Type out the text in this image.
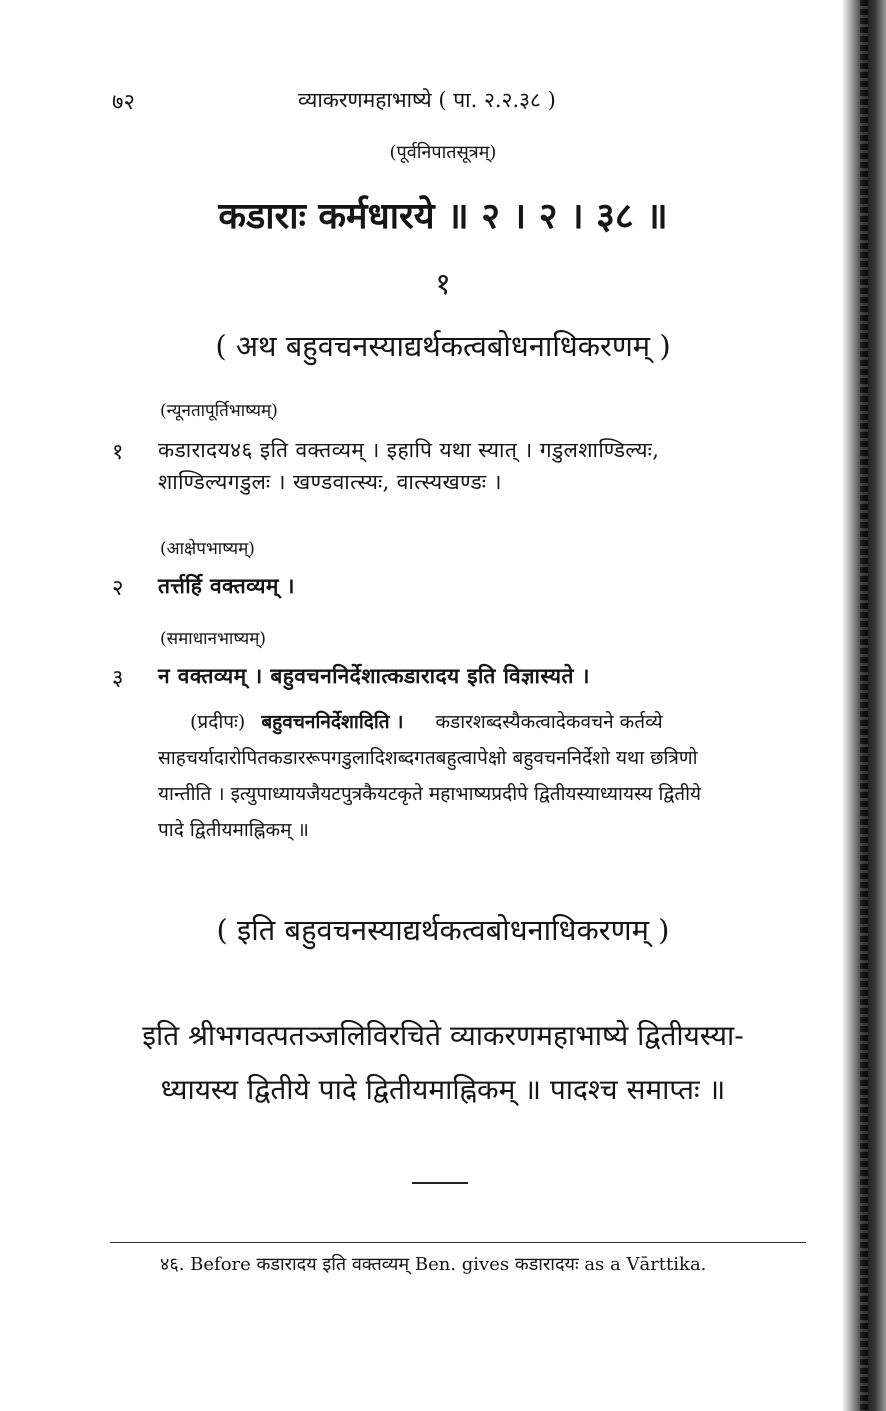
७२	व्याकरणमहाभाष्ये ( पा. २.२.३८ )
(पूर्वनिपातसूत्रम्)
कडाराः कर्मधारये ॥ २ । २ । ३८ ॥
१
( अथ बहुवचनस्याद्यर्थकत्वबोधनाधिकरणम् )
(न्यूनतापूर्तिभाष्यम्)
१ कडारादय४६ इति वक्तव्यम् । इहापि यथा स्यात् । गडुलशाण्डिल्यः,
शाण्डिल्यगडुलः । खण्डवात्स्यः, वात्स्यखण्डः ।
(आक्षेपभाष्यम्)
२ तर्त्तर्हि वक्तव्यम् ।
(समाधानभाष्यम्)
३ न वक्तव्यम् । बहुवचननिर्देशात्कडारादय इति विज्ञास्यते ।
(प्रदीपः) बहुवचननिर्देशादिति । कडारशब्दस्यैकत्वादेकवचने कर्तव्ये
साहचर्यादारोपितकडाररूपगडुलादिशब्दगतबहुत्वापेक्षो बहुवचननिर्देशो यथा छत्रिणो
यान्तीति । इत्युपाध्यायजैयटपुत्रकैयटकृते महाभाष्यप्रदीपे द्वितीयस्याध्यायस्य द्वितीये
पादे द्वितीयमाह्निकम् ॥
( इति बहुवचनस्याद्यर्थकत्वबोधनाधिकरणम् )
इति श्रीभगवत्पतञ्जलिविरचिते व्याकरणमहाभाष्ये द्वितीयस्या-
ध्यायस्य द्वितीये पादे द्वितीयमाह्निकम् ॥ पादश्च समाप्तः ॥
४६. Before कडारादय इति वक्तव्यम् Ben. gives कडारादयः as a Vārttika.
